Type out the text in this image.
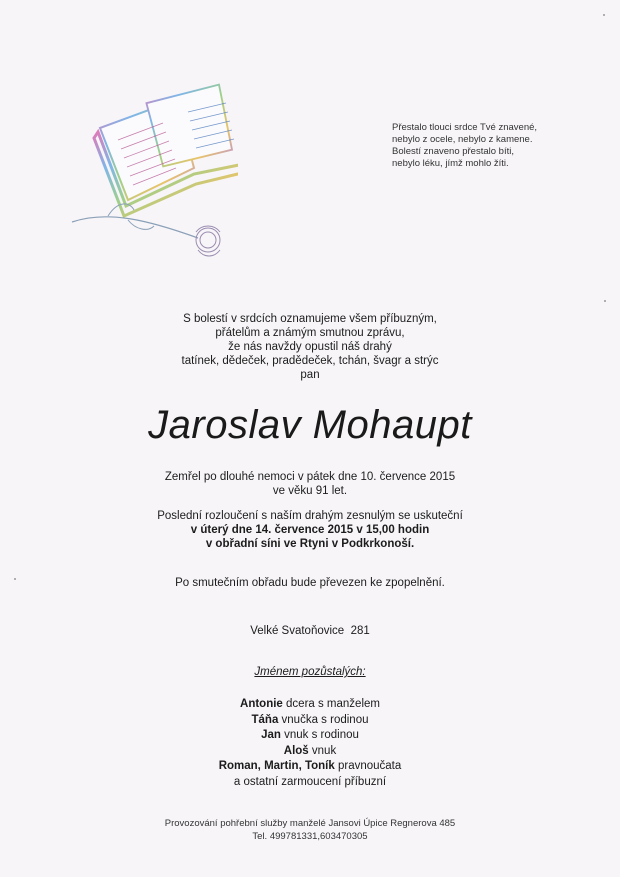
Přestalo tlouci srdce Tvé znavené,
nebylo z ocele, nebylo z kamene.
Bolestí znaveno přestalo bíti,
nebylo léku, jímž mohlo žíti.
S bolestí v srdcích oznamujeme všem příbuzným,
přátelům a známým smutnou zprávu,
že nás navždy opustil náš drahý
tatínek, dědeček, pradědeček, tchán, švagr a strýc
pan
Jaroslav Mohaupt
Zemřel po dlouhé nemoci v pátek dne 10. července 2015
ve věku 91 let.
Poslední rozloučení s naším drahým zesnulým se uskuteční
v úterý dne 14. července 2015 v 15,00 hodin
v obřadní síni ve Rtyni v Podkrkonoší.
Po smutečním obřadu bude převezen ke zpopelnění.
Velké Svatoňovice  281
Jménem pozůstalých:
Antonie dcera s manželem
Táňa vnučka s rodinou
Jan vnuk s rodinou
Aloš vnuk
Roman, Martin, Toník pravnoučata
a ostatní zarmoucení příbuzní
Provozování pohřební služby manželé Jansovi Úpice Regnerova 485
Tel. 499781331,603470305
